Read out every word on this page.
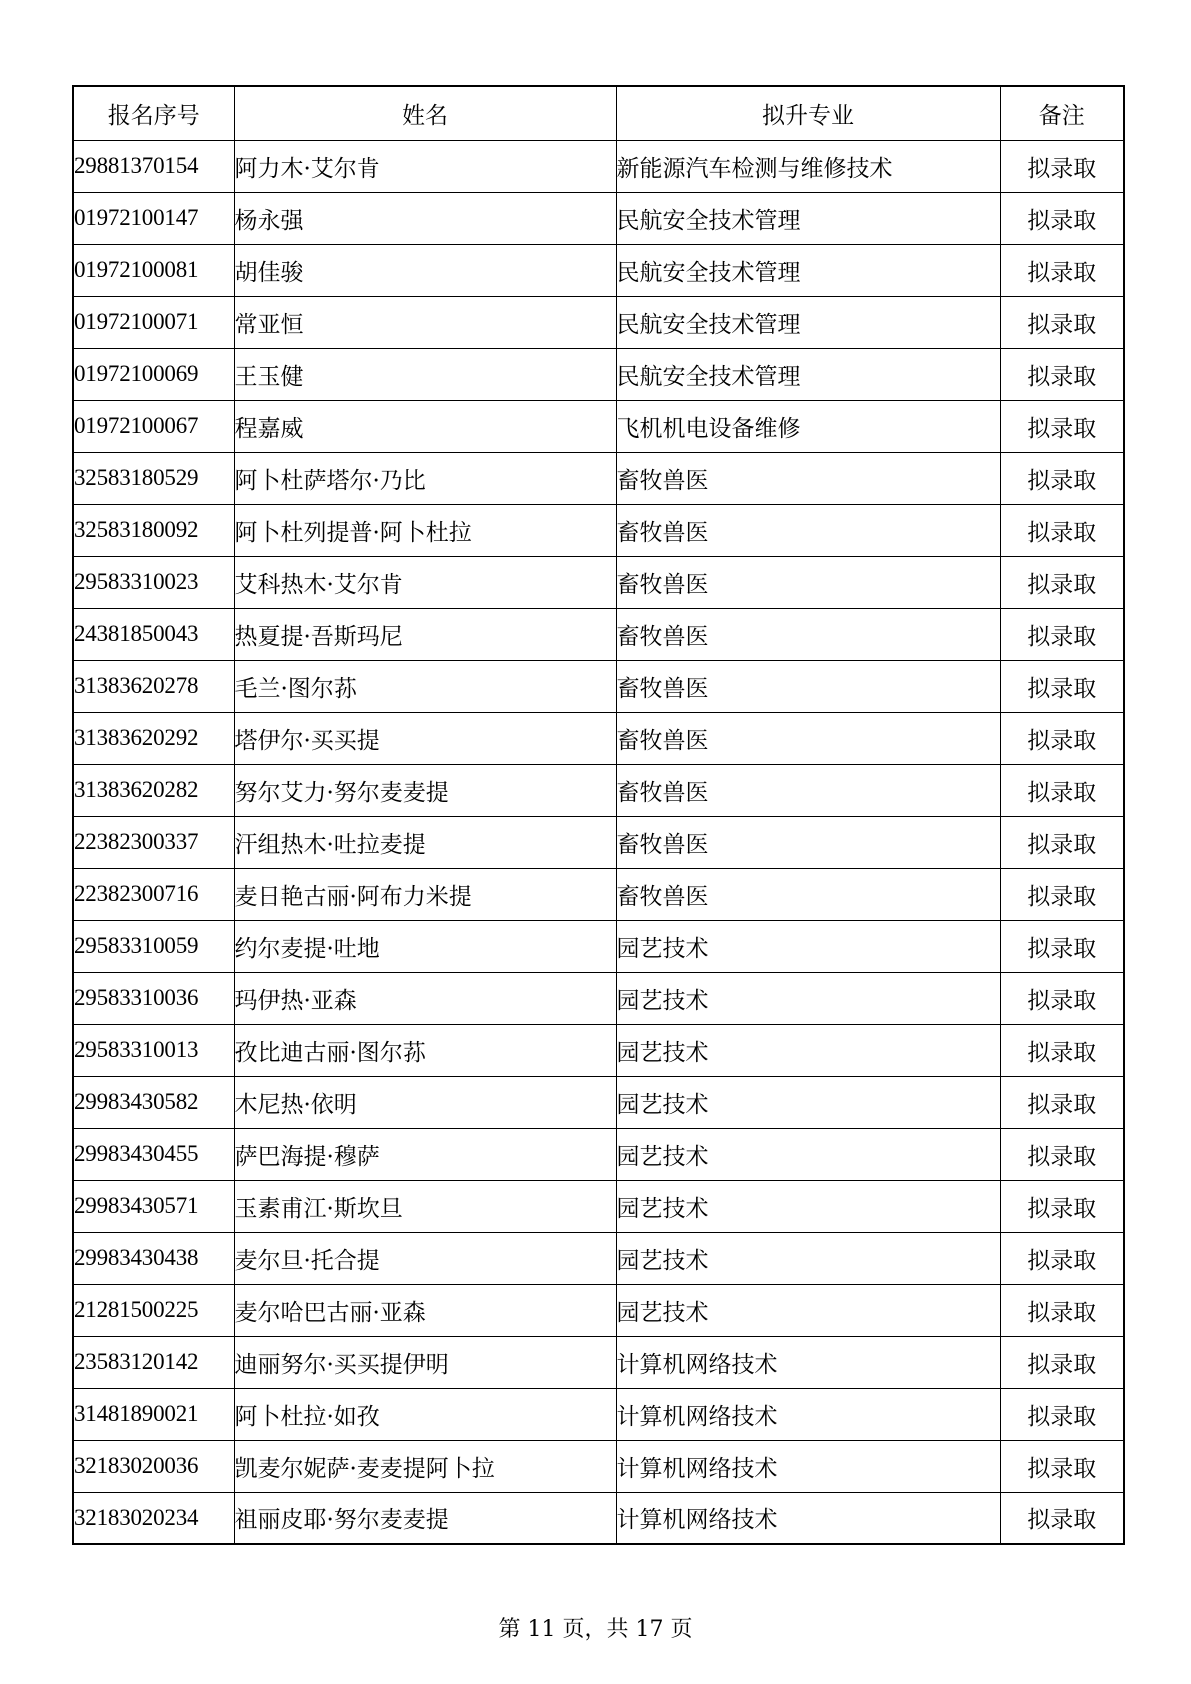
报名序号	姓名	拟升专业	备注
29881370154	阿力木·艾尔肯	新能源汽车检测与维修技术	拟录取
01972100147	杨永强	民航安全技术管理	拟录取
01972100081	胡佳骏	民航安全技术管理	拟录取
01972100071	常亚恒	民航安全技术管理	拟录取
01972100069	王玉健	民航安全技术管理	拟录取
01972100067	程嘉威	飞机机电设备维修	拟录取
32583180529	阿卜杜萨塔尔·乃比	畜牧兽医	拟录取
32583180092	阿卜杜列提普·阿卜杜拉	畜牧兽医	拟录取
29583310023	艾科热木·艾尔肯	畜牧兽医	拟录取
24381850043	热夏提·吾斯玛尼	畜牧兽医	拟录取
31383620278	毛兰·图尔荪	畜牧兽医	拟录取
31383620292	塔伊尔·买买提	畜牧兽医	拟录取
31383620282	努尔艾力·努尔麦麦提	畜牧兽医	拟录取
22382300337	汗组热木·吐拉麦提	畜牧兽医	拟录取
22382300716	麦日艳古丽·阿布力米提	畜牧兽医	拟录取
29583310059	约尔麦提·吐地	园艺技术	拟录取
29583310036	玛伊热·亚森	园艺技术	拟录取
29583310013	孜比迪古丽·图尔荪	园艺技术	拟录取
29983430582	木尼热·依明	园艺技术	拟录取
29983430455	萨巴海提·穆萨	园艺技术	拟录取
29983430571	玉素甫江·斯坎旦	园艺技术	拟录取
29983430438	麦尔旦·托合提	园艺技术	拟录取
21281500225	麦尔哈巴古丽·亚森	园艺技术	拟录取
23583120142	迪丽努尔·买买提伊明	计算机网络技术	拟录取
31481890021	阿卜杜拉·如孜	计算机网络技术	拟录取
32183020036	凯麦尔妮萨·麦麦提阿卜拉	计算机网络技术	拟录取
32183020234	祖丽皮耶·努尔麦麦提	计算机网络技术	拟录取
第 11 页，共 17 页
